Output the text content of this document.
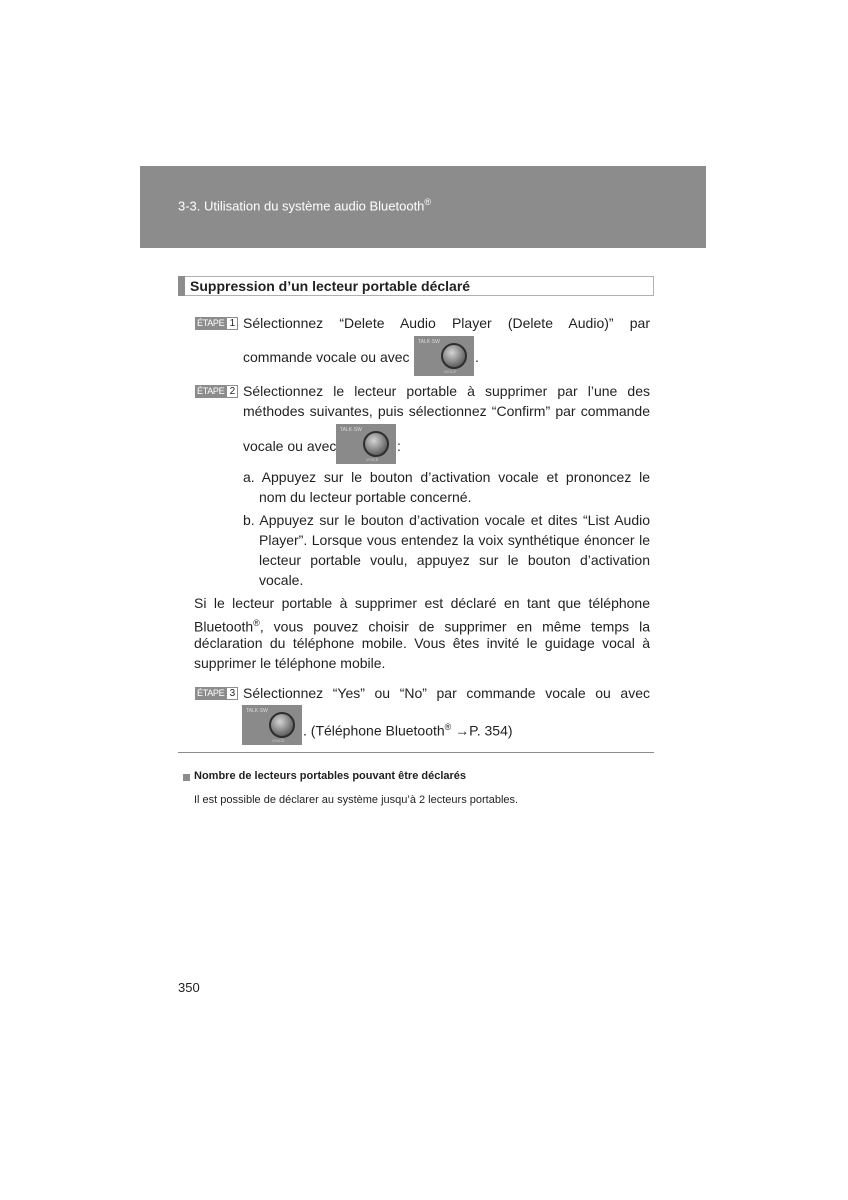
3-3. Utilisation du système audio Bluetooth®
Suppression d’un lecteur portable déclaré
ÉTAPE 1 Sélectionnez “Delete Audio Player (Delete Audio)” par
commande vocale ou avec
TALK·SW
VOICE
.
ÉTAPE 2 Sélectionnez le lecteur portable à supprimer par l’une des
méthodes suivantes, puis sélectionnez “Confirm” par commande
vocale ou avec
TALK·SW
VOICE
:
a. Appuyez sur le bouton d’activation vocale et prononcez le
nom du lecteur portable concerné.
b. Appuyez sur le bouton d’activation vocale et dites “List Audio
Player”. Lorsque vous entendez la voix synthétique énoncer le
lecteur portable voulu, appuyez sur le bouton d’activation
vocale.
Si le lecteur portable à supprimer est déclaré en tant que téléphone
Bluetooth®, vous pouvez choisir de supprimer en même temps la
déclaration du téléphone mobile. Vous êtes invité le guidage vocal à
supprimer le téléphone mobile.
ÉTAPE 3 Sélectionnez “Yes” ou “No” par commande vocale ou avec
TALK·SW
VOICE
. (Téléphone Bluetooth® →P. 354)
Nombre de lecteurs portables pouvant être déclarés
Il est possible de déclarer au système jusqu’à 2 lecteurs portables.
350
